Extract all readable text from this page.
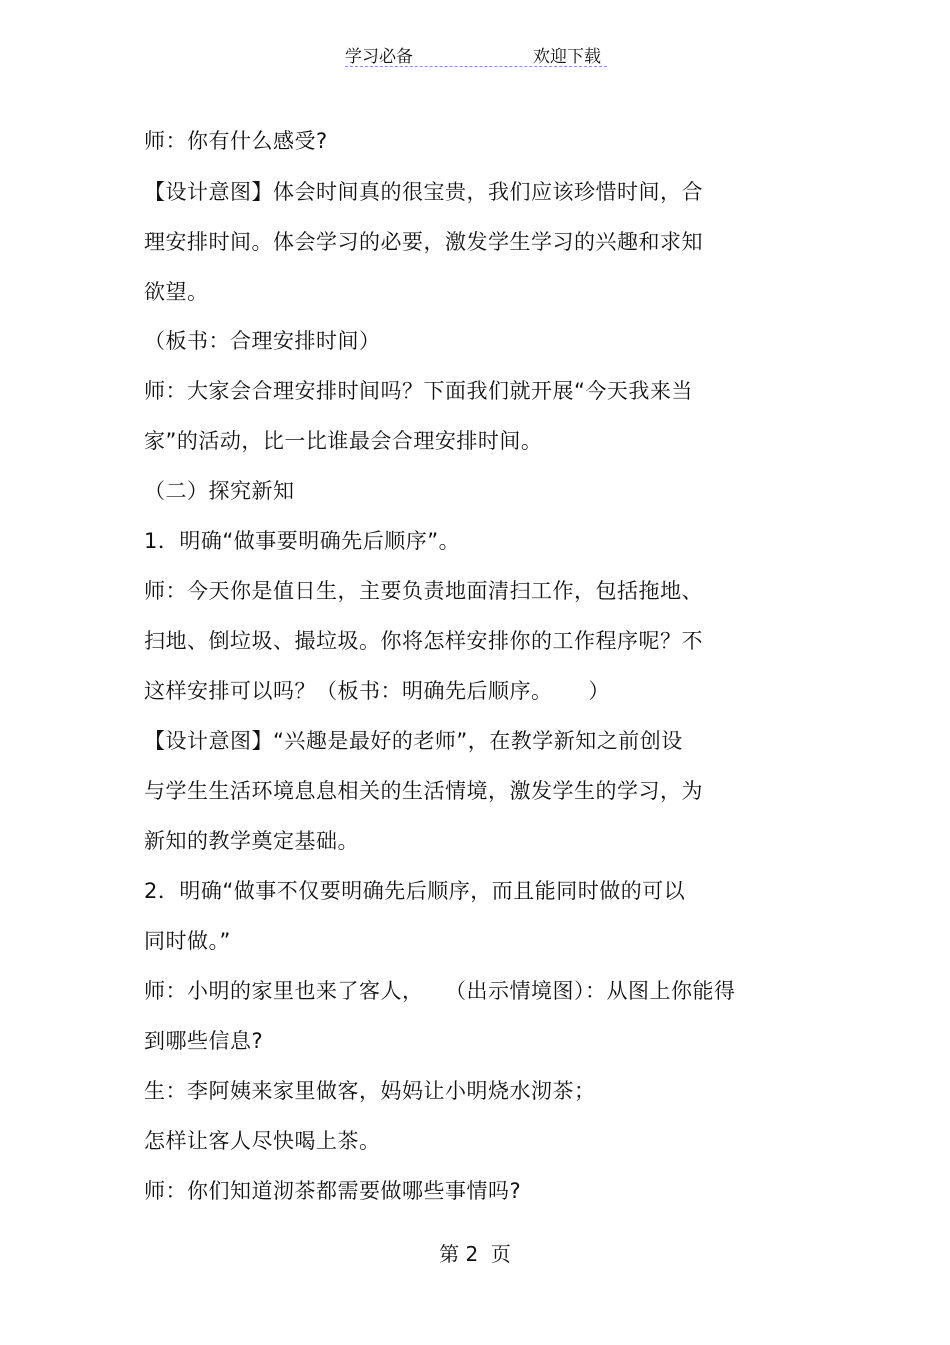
学习必备	欢迎下载
师：你有什么感受?
【设计意图】体会时间真的很宝贵，我们应该珍惜时间，合
理安排时间。体会学习的必要，激发学生学习的兴趣和求知
欲望。
（板书：合理安排时间）
师：大家会合理安排时间吗？下面我们就开展“今天我来当
家”的活动，比一比谁最会合理安排时间。
（二）探究新知
1．明确“做事要明确先后顺序”。
师：今天你是值日生，主要负责地面清扫工作，包括拖地、
扫地、倒垃圾、撮垃圾。你将怎样安排你的工作程序呢？不
这样安排可以吗？（板书：明确先后顺序。     ）
【设计意图】“兴趣是最好的老师”，在教学新知之前创设
与学生生活环境息息相关的生活情境，激发学生的学习，为
新知的教学奠定基础。
2．明确“做事不仅要明确先后顺序，而且能同时做的可以
同时做。”
师：小明的家里也来了客人，   （出示情境图）：从图上你能得
到哪些信息?
生：李阿姨来家里做客，妈妈让小明烧水沏茶；
怎样让客人尽快喝上茶。
师：你们知道沏茶都需要做哪些事情吗?
第 2  页
